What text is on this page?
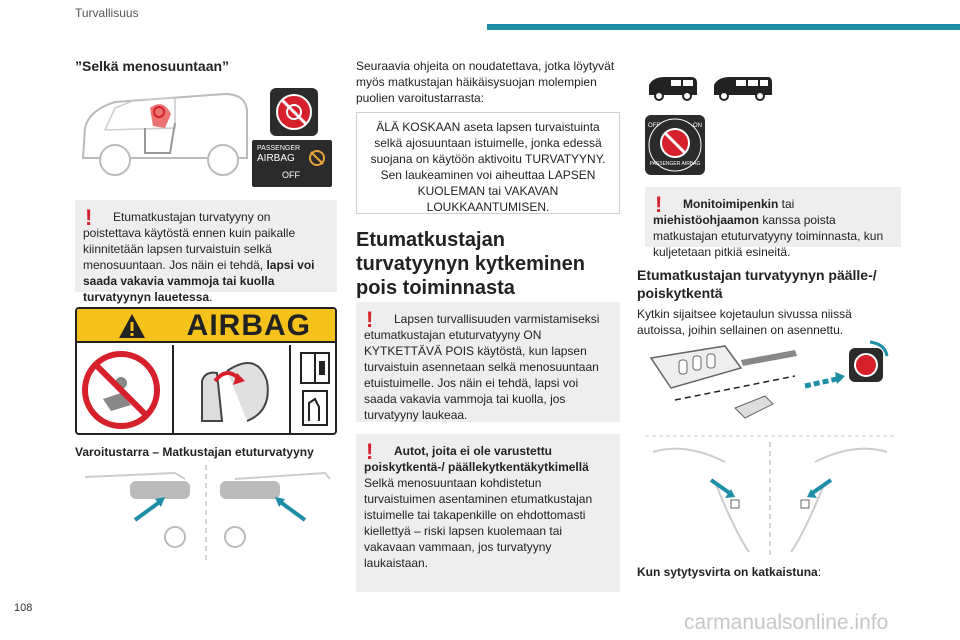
Turvallisuus
”Selkä menosuuntaan”
PASSENGER
AIRBAG
OFF
!	Etumatkustajan turvatyyny on poistettava käytöstä ennen kuin paikalle kiinnitetään lapsen turvaistuin selkä menosuuntaan. Jos näin ei tehdä, lapsi voi saada vakavia vammoja tai kuolla turvatyynyn lauetessa.
AIRBAG
Varoitustarra – Matkustajan etuturvatyyny
Seuraavia ohjeita on noudatettava, jotka löytyvät myös matkustajan häikäisysuojan molempien puolien varoitustarrasta:
ÄLÄ KOSKAAN aseta lapsen turvaistuinta selkä ajosuuntaan istuimelle, jonka edessä suojana on käytöön aktivoitu TURVATYYNY. Sen laukeaminen voi aiheuttaa LAPSEN KUOLEMAN tai VAKAVAN LOUKKAANTUMISEN.
Etumatkustajan turvatyynyn kytkeminen pois toiminnasta
!	Lapsen turvallisuuden varmistamiseksi etumatkustajan etuturvatyyny ON KYTKETTÄVÄ POIS käytöstä, kun lapsen turvaistuin asennetaan selkä menosuuntaan etuistuimelle. Jos näin ei tehdä, lapsi voi saada vakavia vammoja tai kuolla, jos turvatyyny laukeaa.
!	Autot, joita ei ole varustettu poiskytkentä-/ päällekytkentäkytkimellä
Selkä menosuuntaan kohdistetun turvaistuimen asentaminen etumatkustajan istuimelle tai takapenkille on ehdottomasti kiellettyä – riski lapsen kuolemaan tai vakavaan vammaan, jos turvatyyny laukaistaan.
OFF	ON
PASSENGER AIRBAG
!	Monitoimipenkin tai miehistöohjaamon kanssa poista matkustajan etuturvatyyny toiminnasta, kun kuljetetaan pitkiä esineitä.
Etumatkustajan turvatyynyn päälle-/ poiskytkentä
Kytkin sijaitsee kojetaulun sivussa niissä autoissa, joihin sellainen on asennettu.
Kun sytytysvirta on katkaistuna:
108
carmanualsonline.info
